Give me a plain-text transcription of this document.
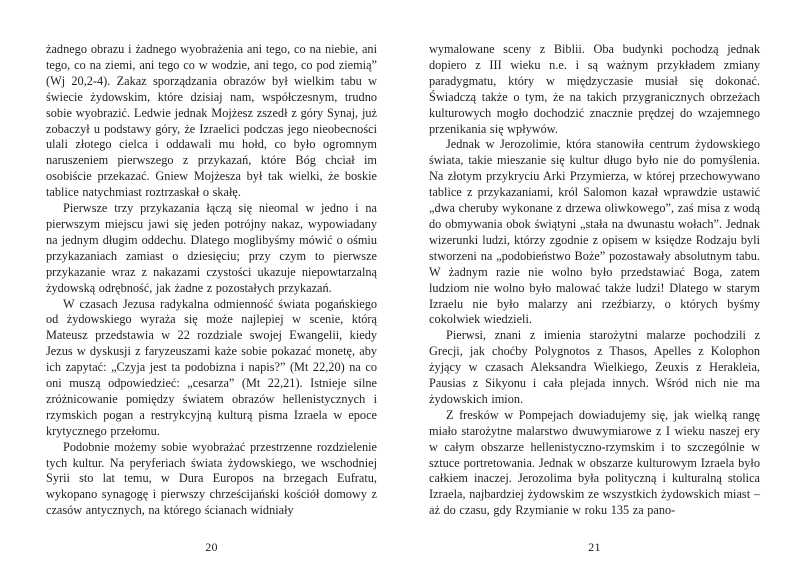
żadnego obrazu i żadnego wyobrażenia ani tego, co na niebie, ani tego, co na ziemi, ani tego co w wodzie, ani tego, co pod ziemią” (Wj 20,2-4). Zakaz sporządzania obrazów był wielkim tabu w świecie żydowskim, które dzisiaj nam, współczesnym, trudno sobie wyobrazić. Ledwie jednak Mojżesz zszedł z góry Synaj, już zobaczył u podstawy góry, że Izraelici podczas jego nieobecności ulali złotego cielca i oddawali mu hołd, co było ogromnym naruszeniem pierwszego z przykazań, które Bóg chciał im osobiście przekazać. Gniew Mojżesza był tak wielki, że boskie tablice natychmiast roztrzaskał o skałę.

Pierwsze trzy przykazania łączą się nieomal w jedno i na pierwszym miejscu jawi się jeden potrójny nakaz, wypowiadany na jednym długim oddechu. Dlatego moglibyśmy mówić o ośmiu przykazaniach zamiast o dziesięciu; przy czym to pierwsze przykazanie wraz z nakazami czystości ukazuje niepowtarzalną żydowską odrębność, jak żadne z pozostałych przykazań.

W czasach Jezusa radykalna odmienność świata pogańskiego od żydowskiego wyraża się może najlepiej w scenie, którą Mateusz przedstawia w 22 rozdziale swojej Ewangelii, kiedy Jezus w dyskusji z faryzeuszami każe sobie pokazać monetę, aby ich zapytać: „Czyja jest ta podobizna i napis?” (Mt 22,20) na co oni muszą odpowiedzieć: „cesarza” (Mt 22,21). Istnieje silne zróżnicowanie pomiędzy światem obrazów hellenistycznych i rzymskich pogan a restrykcyjną kulturą pisma Izraela w epoce krytycznego przełomu.

Podobnie możemy sobie wyobrażać przestrzenne rozdzielenie tych kultur. Na peryferiach świata żydowskiego, we wschodniej Syrii sto lat temu, w Dura Europos na brzegach Eufratu, wykopano synagogę i pierwszy chrześcijański kościół domowy z czasów antycznych, na którego ścianach widniały

20

wymalowane sceny z Biblii. Oba budynki pochodzą jednak dopiero z III wieku n.e. i są ważnym przykładem zmiany paradygmatu, który w międzyczasie musiał się dokonać. Świadczą także o tym, że na takich przygranicznych obrzeżach kulturowych mogło dochodzić znacznie prędzej do wzajemnego przenikania się wpływów.

Jednak w Jerozolimie, która stanowiła centrum żydowskiego świata, takie mieszanie się kultur długo było nie do pomyślenia. Na złotym przykryciu Arki Przymierza, w której przechowywano tablice z przykazaniami, król Salomon kazał wprawdzie ustawić „dwa cheruby wykonane z drzewa oliwkowego”, zaś misa z wodą do obmywania obok świątyni „stała na dwunastu wołach”. Jednak wizerunki ludzi, którzy zgodnie z opisem w księdze Rodzaju byli stworzeni na „podobieństwo Boże” pozostawały absolutnym tabu. W żadnym razie nie wolno było przedstawiać Boga, zatem ludziom nie wolno było malować także ludzi! Dlatego w starym Izraelu nie było malarzy ani rzeźbiarzy, o których byśmy cokolwiek wiedzieli.

Pierwsi, znani z imienia starożytni malarze pochodzili z Grecji, jak choćby Polygnotos z Thasos, Apelles z Kolophon żyjący w czasach Aleksandra Wielkiego, Zeuxis z Herakleia, Pausias z Sikyonu i cała plejada innych. Wśród nich nie ma żydowskich imion.

Z fresków w Pompejach dowiadujemy się, jak wielką rangę miało starożytne malarstwo dwuwymiarowe z I wieku naszej ery w całym obszarze hellenistyczno-rzymskim i to szczególnie w sztuce portretowania. Jednak w obszarze kulturowym Izraela było całkiem inaczej. Jerozolima była polityczną i kulturalną stolica Izraela, najbardziej żydowskim ze wszystkich żydowskich miast – aż do czasu, gdy Rzymianie w roku 135 za pano-

21
